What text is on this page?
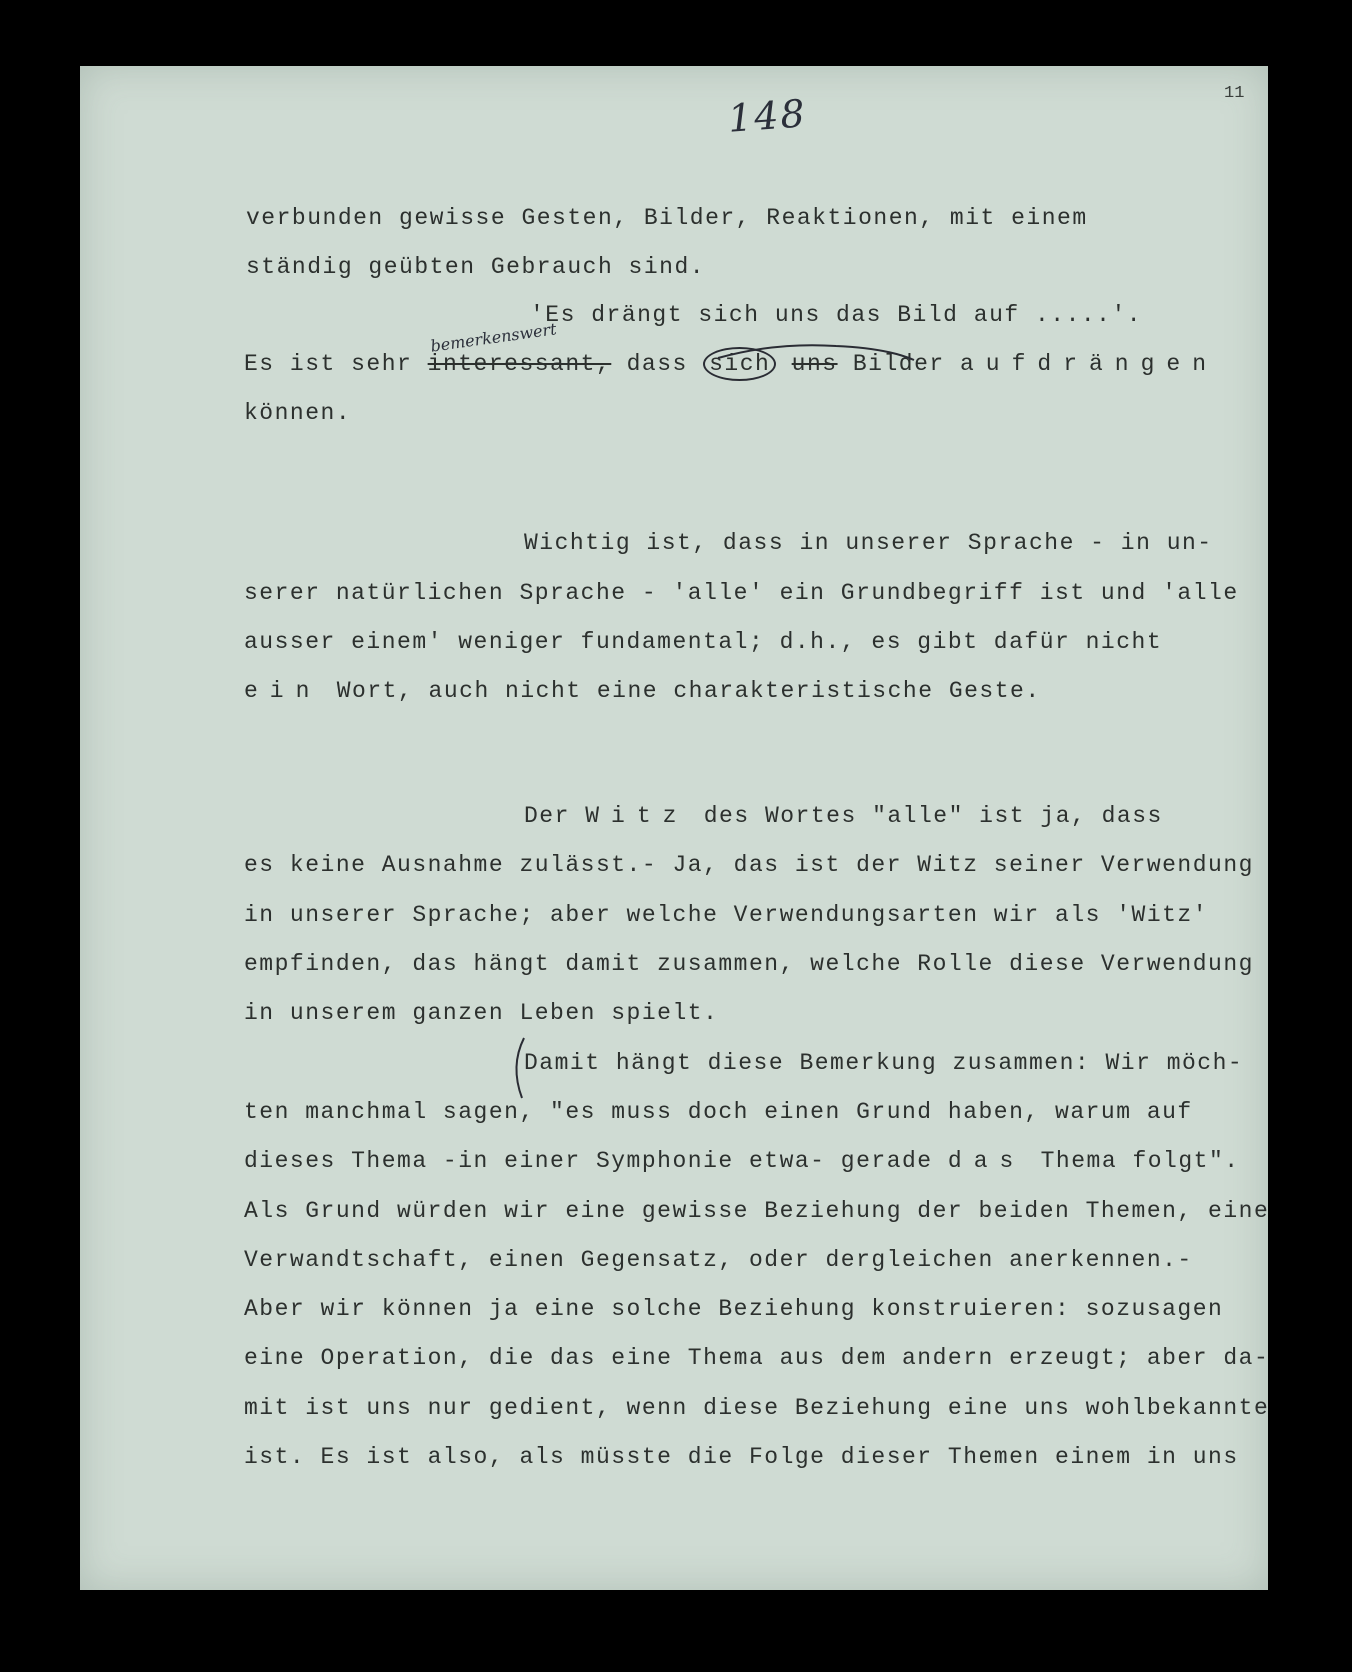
11
148
bemerkenswert
verbunden gewisse Gesten, Bilder, Reaktionen, mit einem
ständig geübten Gebrauch sind.
'Es drängt sich uns das Bild auf .....'.
Es ist sehr interessant, dass sich uns Bilder aufdrängen
können.
Wichtig ist, dass in unserer Sprache - in un-
serer natürlichen Sprache - 'alle' ein Grundbegriff ist und 'alle
ausser einem' weniger fundamental; d.h., es gibt dafür nicht
ein Wort, auch nicht eine charakteristische Geste.
Der Witz des Wortes "alle" ist ja, dass
es keine Ausnahme zulässt.- Ja, das ist der Witz seiner Verwendung
in unserer Sprache; aber welche Verwendungsarten wir als 'Witz'
empfinden, das hängt damit zusammen, welche Rolle diese Verwendung
in unserem ganzen Leben spielt.
Damit hängt diese Bemerkung zusammen: Wir möch-
ten manchmal sagen, "es muss doch einen Grund haben, warum auf
dieses Thema -in einer Symphonie etwa- gerade das Thema folgt".
Als Grund würden wir eine gewisse Beziehung der beiden Themen, eine
Verwandtschaft, einen Gegensatz, oder dergleichen anerkennen.-
Aber wir können ja eine solche Beziehung konstruieren: sozusagen
eine Operation, die das eine Thema aus dem andern erzeugt; aber da-
mit ist uns nur gedient, wenn diese Beziehung eine uns wohlbekannte
ist. Es ist also, als müsste die Folge dieser Themen einem in uns
